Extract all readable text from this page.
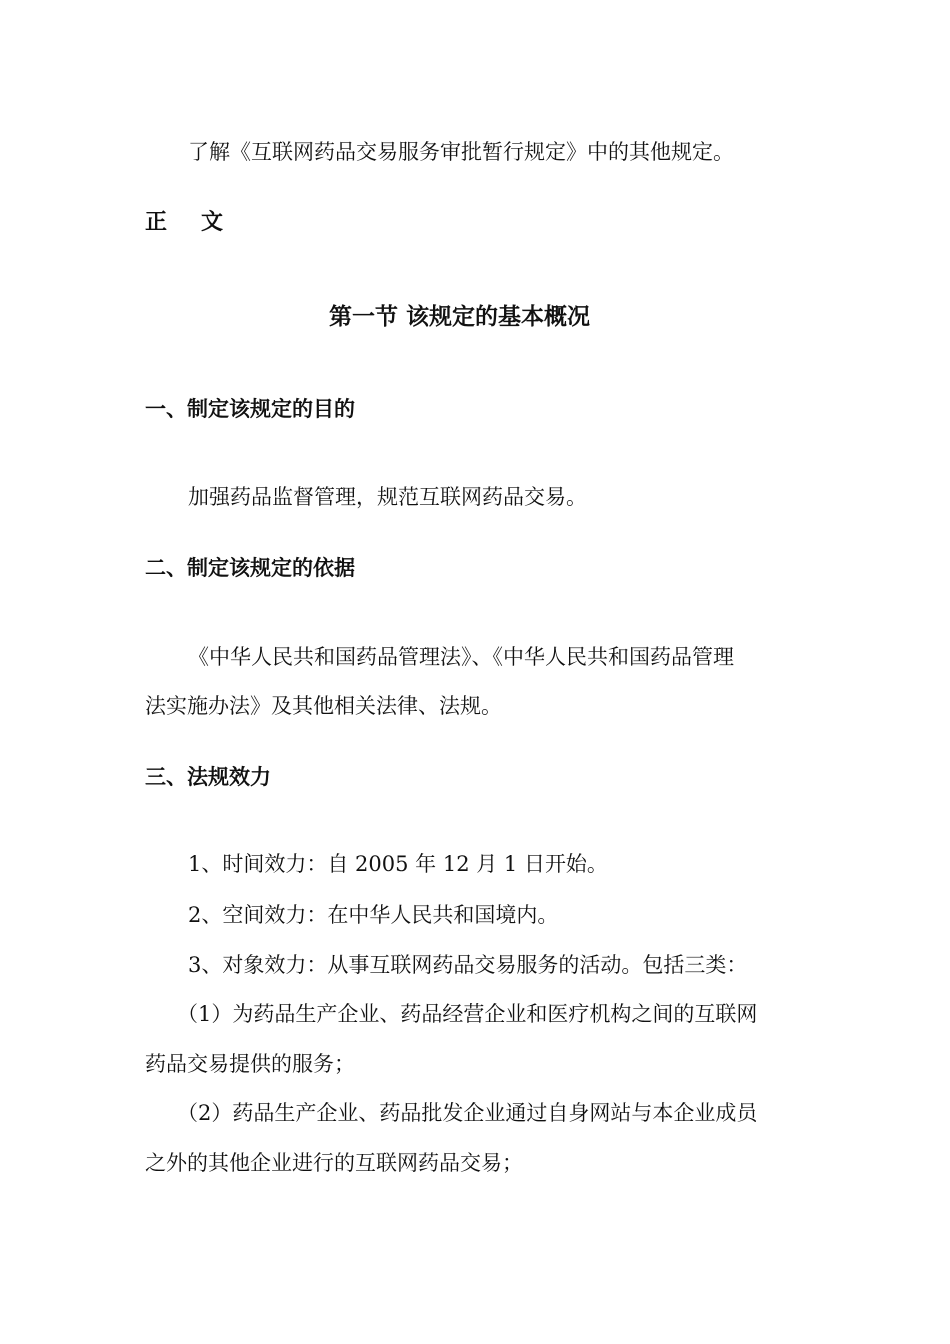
了解《互联网药品交易服务审批暂行规定》中的其他规定。
正文
第一节 该规定的基本概况
一、制定该规定的目的
加强药品监督管理，规范互联网药品交易。
二、制定该规定的依据
《中华人民共和国药品管理法》、《中华人民共和国药品管理
法实施办法》及其他相关法律、法规。
三、法规效力
1、时间效力：自 2005 年 12 月 1 日开始。
2、空间效力：在中华人民共和国境内。
3、对象效力：从事互联网药品交易服务的活动。包括三类：
（1）为药品生产企业、药品经营企业和医疗机构之间的互联网
药品交易提供的服务；
（2）药品生产企业、药品批发企业通过自身网站与本企业成员
之外的其他企业进行的互联网药品交易；
